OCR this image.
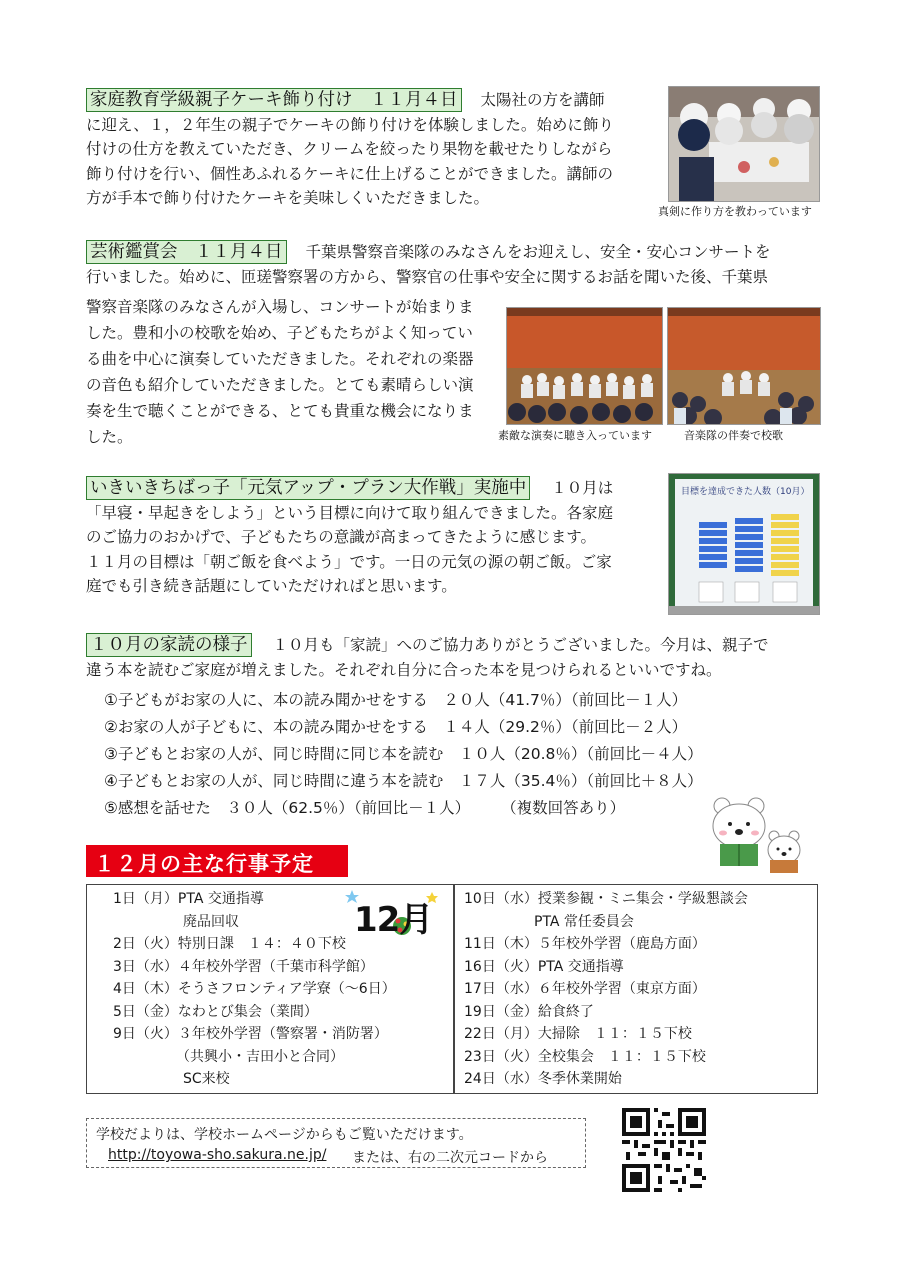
家庭教育学級親子ケーキ飾り付け　１１月４日 太陽社の方を講師
に迎え、１，２年生の親子でケーキの飾り付けを体験しました。始めに飾り
付けの仕方を教えていただき、クリームを絞ったり果物を載せたりしながら
飾り付けを行い、個性あふれるケーキに仕上げることができました。講師の
方が手本で飾り付けたケーキを美味しくいただきました。
真剣に作り方を教わっています
芸術鑑賞会　１１月４日 千葉県警察音楽隊のみなさんをお迎えし、安全・安心コンサートを
行いました。始めに、匝瑳警察署の方から、警察官の仕事や安全に関するお話を聞いた後、千葉県
警察音楽隊のみなさんが入場し、コンサートが始まりま
した。豊和小の校歌を始め、子どもたちがよく知ってい
る曲を中心に演奏していただきました。それぞれの楽器
の音色も紹介していただきました。とても素晴らしい演
奏を生で聴くことができる、とても貴重な機会になりま
した。	素敵な演奏に聴き入っています	音楽隊の伴奏で校歌
いきいきちばっ子「元気アップ・プラン大作戦」実施中 １０月は
「早寝・早起きをしよう」という目標に向けて取り組んできました。各家庭
のご協力のおかげで、子どもたちの意識が高まってきたように感じます。
１１月の目標は「朝ご飯を食べよう」です。一日の元気の源の朝ご飯。ご家
庭でも引き続き話題にしていただければと思います。
目標を達成できた人数（10月）
１０月の家読の様子 １０月も「家読」へのご協力ありがとうございました。今月は、親子で
違う本を読むご家庭が増えました。それぞれ自分に合った本を見つけられるといいですね。
①子どもがお家の人に、本の読み聞かせをする　２０人（41.7％）（前回比－１人）
②お家の人が子どもに、本の読み聞かせをする　１４人（29.2％）（前回比－２人）
③子どもとお家の人が、同じ時間に同じ本を読む　１０人（20.8％）（前回比－４人）
④子どもとお家の人が、同じ時間に違う本を読む　１７人（35.4％）（前回比＋８人）
⑤感想を話せた　３０人（62.5％）（前回比－１人）　　　（複数回答あり）
１２月の主な行事予定
1日（月）PTA 交通指導
　　　　　廃品回収
2日（火）特別日課　１４：４０下校
3日（水）４年校外学習（千葉市科学館）
4日（木）そうさフロンティア学寮（～6日）
5日（金）なわとび集会（業間）
9日（火）３年校外学習（警察署・消防署）
　　　　　（共興小・吉田小と合同）
　　　　　SC来校
10日（水）授業参観・ミニ集会・学級懇談会
　　　　　PTA 常任委員会
11日（木）５年校外学習（鹿島方面）
16日（火）PTA 交通指導
17日（水）６年校外学習（東京方面）
19日（金）給食終了
22日（月）大掃除　１１：１５下校
23日（火）全校集会　１１：１５下校
24日（水）冬季休業開始
12月
学校だよりは、学校ホームページからもご覧いただけます。
http://toyowa-sho.sakura.ne.jp/ または、右の二次元コードから
